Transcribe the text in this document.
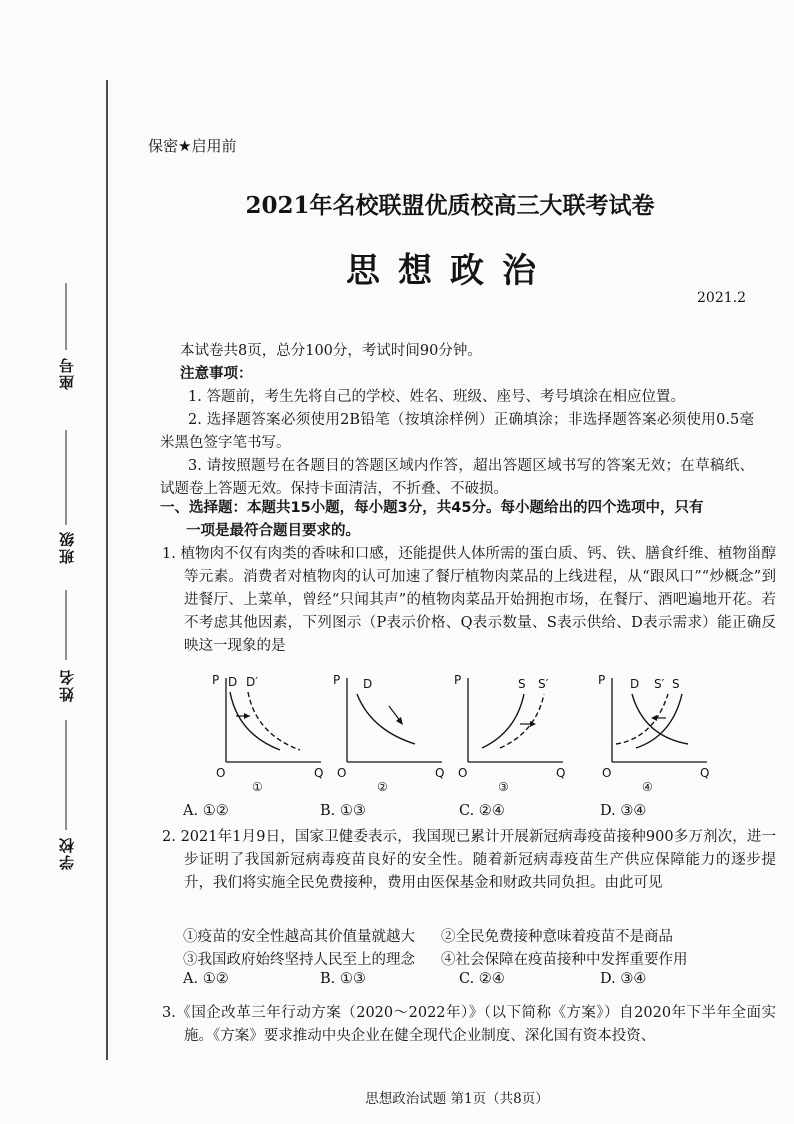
座号
班级
姓名
学校
保密★启用前
2021年名校联盟优质校高三大联考试卷
思想政治
2021.2
本试卷共8页，总分100分，考试时间90分钟。
注意事项：
1. 答题前，考生先将自己的学校、姓名、班级、座号、考号填涂在相应位置。
2. 选择题答案必须使用2B铅笔（按填涂样例）正确填涂；非选择题答案必须使用0.5毫米黑色签字笔书写。
3. 请按照题号在各题目的答题区域内作答，超出答题区域书写的答案无效；在草稿纸、试题卷上答题无效。保持卡面清洁，不折叠、不破损。
一、选择题：本题共15小题，每小题3分，共45分。每小题给出的四个选项中，只有
一项是最符合题目要求的。
1. 植物肉不仅有肉类的香味和口感，还能提供人体所需的蛋白质、钙、铁、膳食纤维、植物甾醇等元素。消费者对植物肉的认可加速了餐厅植物肉菜品的上线进程，从“跟风口”“炒概念”到进餐厅、上菜单，曾经“只闻其声”的植物肉菜品开始拥抱市场，在餐厅、酒吧遍地开花。若不考虑其他因素，下列图示（P表示价格、Q表示数量、S表示供给、D表示需求）能正确反映这一现象的是
P
O	Q
D D′
①
P
O	Q
D
②
P
O	Q
S S′
③
P
O	Q
D S′ S
④
A. ①②	B. ①③	C. ②④	D. ③④
2. 2021年1月9日，国家卫健委表示，我国现已累计开展新冠病毒疫苗接种900多万剂次，进一步证明了我国新冠病毒疫苗良好的安全性。随着新冠病毒疫苗生产供应保障能力的逐步提升，我们将实施全民免费接种，费用由医保基金和财政共同负担。由此可见
①疫苗的安全性越高其价值量就越大 ②全民免费接种意味着疫苗不是商品
③我国政府始终坚持人民至上的理念 ④社会保障在疫苗接种中发挥重要作用
A. ①②	B. ①③	C. ②④	D. ③④
3.《国企改革三年行动方案（2020～2022年）》（以下简称《方案》）自2020年下半年全面实施。《方案》要求推动中央企业在健全现代企业制度、深化国有资本投资、
思想政治试题 第1页（共8页）
